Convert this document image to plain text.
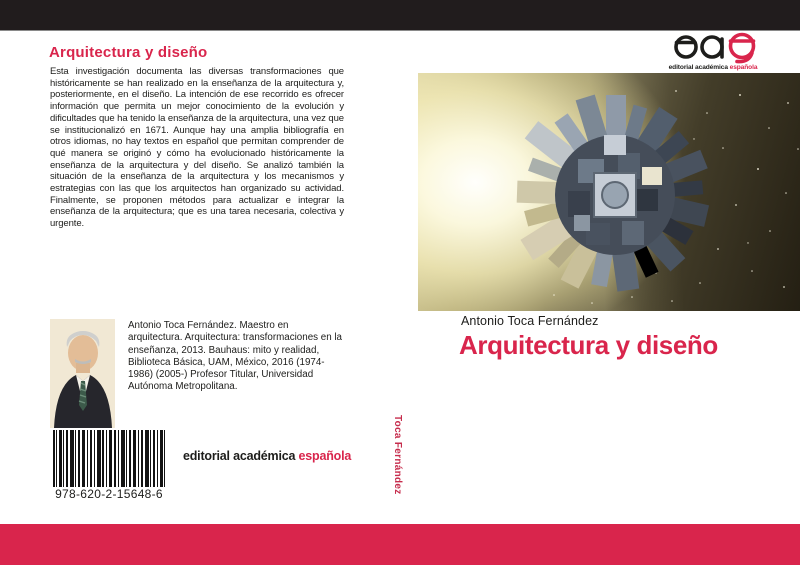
Arquitectura y diseño

Esta investigación documenta las diversas transformaciones que históricamente se han realizado en la enseñanza de la arquitectura y, posteriormente, en el diseño. La intención de ese recorrido es ofrecer información que permita un mejor conocimiento de la evolución y dificultades que ha tenido la enseñanza de la arquitectura, una vez que se institucionalizó en 1671. Aunque hay una amplia bibliografía en otros idiomas, no hay textos en español que permitan comprender de qué manera se originó y cómo ha evolucionado históricamente la enseñanza de la arquitectura y del diseño. Se analizó también la situación de la enseñanza de la arquitectura y los mecanismos y estrategias con las que los arquitectos han organizado su actividad. Finalmente, se proponen métodos para actualizar e integrar la enseñanza de la arquitectura; que es una tarea necesaria, colectiva y urgente.

editorial académica española

Antonio Toca Fernández. Maestro en arquitectura. Arquitectura: transformaciones en la enseñanza, 2013. Bauhaus: mito y realidad, Biblioteca Básica, UAM, México, 2016 (1974-1986) (2005-) Profesor Titular, Universidad Autónoma Metropolitana.

Toca Fernández
editorial académica española
978-620-2-15648-6
Antonio Toca Fernández
Arquitectura y diseño
